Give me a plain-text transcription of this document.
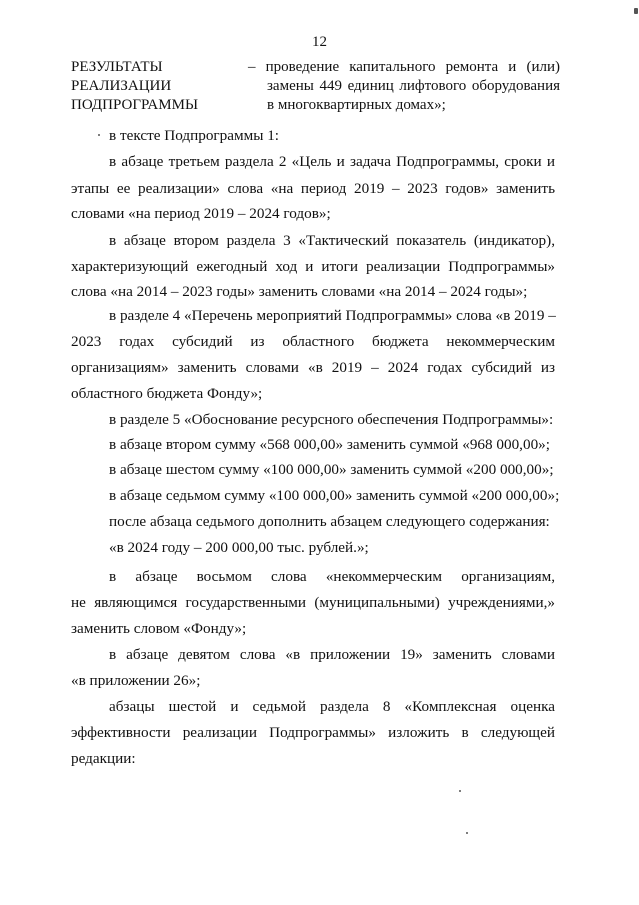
12
РЕЗУЛЬТАТЫ
РЕАЛИЗАЦИИ
ПОДПРОГРАММЫ
– проведение капитального ремонта и (или)
замены 449 единиц лифтового оборудования
в многоквартирных домах»;
в тексте Подпрограммы 1:
в абзаце третьем раздела 2 «Цель и задача Подпрограммы, сроки и
этапы ее реализации» слова «на период 2019 – 2023 годов» заменить
словами «на период 2019 – 2024 годов»;
в абзаце втором раздела 3 «Тактический показатель (индикатор),
характеризующий ежегодный ход и итоги реализации Подпрограммы»
слова «на 2014 – 2023 годы» заменить словами «на 2014 – 2024 годы»;
в разделе 4 «Перечень мероприятий Подпрограммы» слова «в 2019 –
2023 годах субсидий из областного бюджета некоммерческим
организациям» заменить словами «в 2019 – 2024 годах субсидий из
областного бюджета Фонду»;
в разделе 5 «Обоснование ресурсного обеспечения Подпрограммы»:
в абзаце втором сумму «568 000,00» заменить суммой «968 000,00»;
в абзаце шестом сумму «100 000,00» заменить суммой «200 000,00»;
в абзаце седьмом сумму «100 000,00» заменить суммой «200 000,00»;
после абзаца седьмого дополнить абзацем следующего содержания:
«в 2024 году – 200 000,00 тыс. рублей.»;
в абзаце восьмом слова «некоммерческим организациям,
не являющимся государственными (муниципальными) учреждениями,»
заменить словом «Фонду»;
в абзаце девятом слова «в приложении 19» заменить словами
«в приложении 26»;
абзацы шестой и седьмой раздела 8 «Комплексная оценка
эффективности реализации Подпрограммы» изложить в следующей
редакции:
